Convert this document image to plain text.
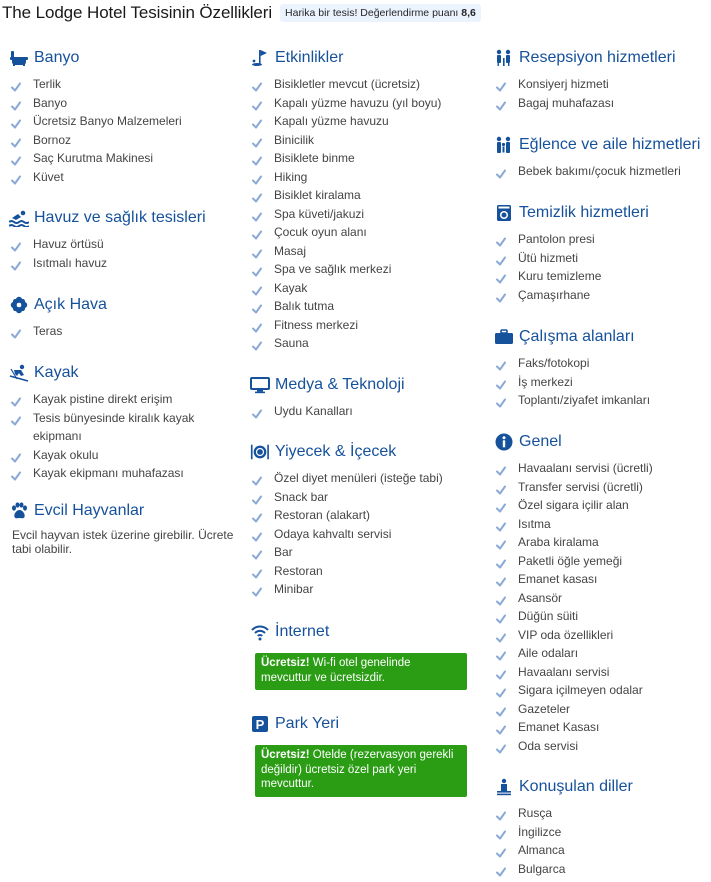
The Lodge Hotel Tesisinin Özellikleri	Harika bir tesis! Değerlendirme puanı 8,6
Banyo
Terlik
Banyo
Ücretsiz Banyo Malzemeleri
Bornoz
Saç Kurutma Makinesi
Küvet
Havuz ve sağlık tesisleri
Havuz örtüsü
Isıtmalı havuz
Açık Hava
Teras
Kayak
Kayak pistine direkt erişim
Tesis bünyesinde kiralık kayak ekipmanı
Kayak okulu
Kayak ekipmanı muhafazası
Evcil Hayvanlar
Evcil hayvan istek üzerine girebilir. Ücrete tabi olabilir.
Etkinlikler
Bisikletler mevcut (ücretsiz)
Kapalı yüzme havuzu (yıl boyu)
Kapalı yüzme havuzu
Binicilik
Bisiklete binme
Hiking
Bisiklet kiralama
Spa küveti/jakuzi
Çocuk oyun alanı
Masaj
Spa ve sağlık merkezi
Kayak
Balık tutma
Fitness merkezi
Sauna
Medya & Teknoloji
Uydu Kanalları
Yiyecek & İçecek
Özel diyet menüleri (isteğe tabi)
Snack bar
Restoran (alakart)
Odaya kahvaltı servisi
Bar
Restoran
Minibar
İnternet
Ücretsiz! Wi-fi otel genelinde mevcuttur ve ücretsizdir.
P Park Yeri
Ücretsiz! Otelde (rezervasyon gerekli değildir) ücretsiz özel park yeri mevcuttur.
Resepsiyon hizmetleri
Konsiyerj hizmeti
Bagaj muhafazası
Eğlence ve aile hizmetleri
Bebek bakımı/çocuk hizmetleri
Temizlik hizmetleri
Pantolon presi
Ütü hizmeti
Kuru temizleme
Çamaşırhane
Çalışma alanları
Faks/fotokopi
İş merkezi
Toplantı/ziyafet imkanları
Genel
Havaalanı servisi (ücretli)
Transfer servisi (ücretli)
Özel sigara içilir alan
Isıtma
Araba kiralama
Paketli öğle yemeği
Emanet kasası
Asansör
Düğün süiti
VIP oda özellikleri
Aile odaları
Havaalanı servisi
Sigara içilmeyen odalar
Gazeteler
Emanet Kasası
Oda servisi
Konuşulan diller
Rusça
İngilizce
Almanca
Bulgarca
